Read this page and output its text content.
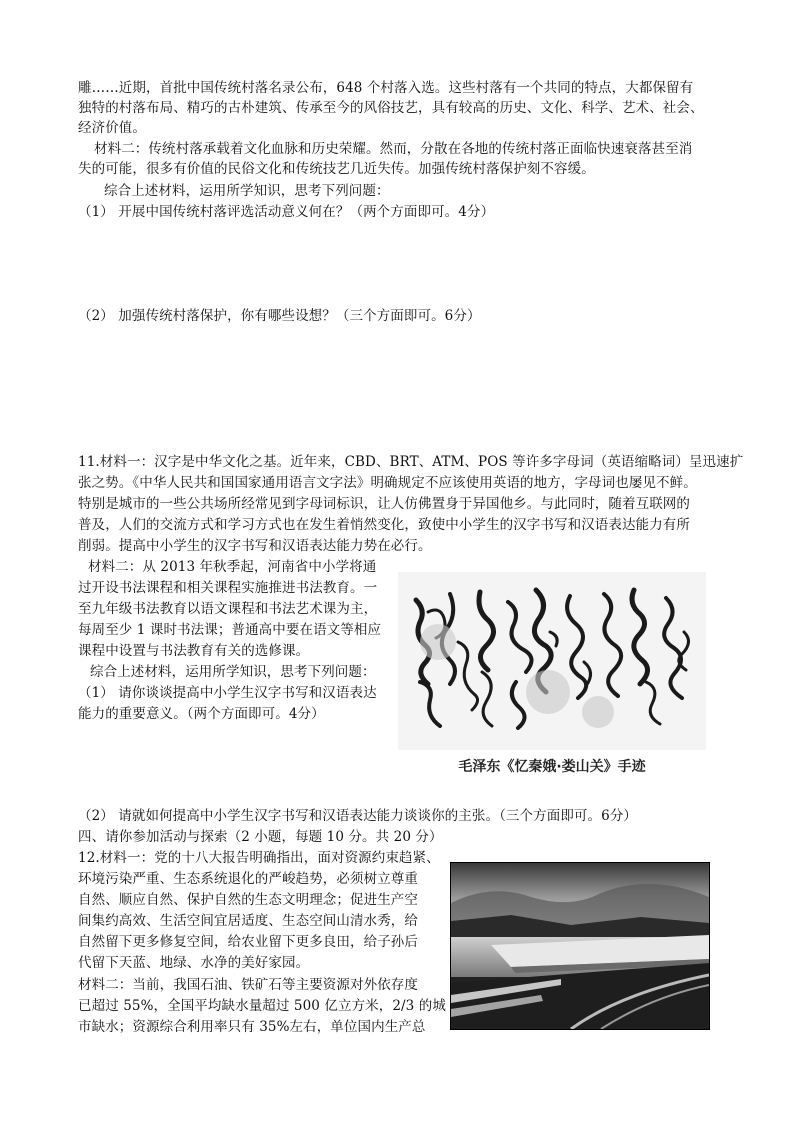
雕……近期，首批中国传统村落名录公布，648 个村落入选。这些村落有一个共同的特点，大都保留有
独特的村落布局、精巧的古朴建筑、传承至今的风俗技艺，具有较高的历史、文化、科学、艺术、社会、
经济价值。
材料二：传统村落承载着文化血脉和历史荣耀。然而，分散在各地的传统村落正面临快速衰落甚至消
失的可能，很多有价值的民俗文化和传统技艺几近失传。加强传统村落保护刻不容缓。
综合上述材料，运用所学知识，思考下列问题：
（1） 开展中国传统村落评选活动意义何在？（两个方面即可。4分）
（2） 加强传统村落保护，你有哪些设想？（三个方面即可。6分）
11.材料一：汉字是中华文化之基。近年来，CBD、BRT、ATM、POS 等许多字母词（英语缩略词）呈迅速扩
张之势。《中华人民共和国国家通用语言文字法》明确规定不应该使用英语的地方，字母词也屡见不鲜。
特别是城市的一些公共场所经常见到字母词标识，让人仿佛置身于异国他乡。与此同时，随着互联网的
普及，人们的交流方式和学习方式也在发生着悄然变化，致使中小学生的汉字书写和汉语表达能力有所
削弱。提高中小学生的汉字书写和汉语表达能力势在必行。
材料二：从 2013 年秋季起，河南省中小学将通
过开设书法课程和相关课程实施推进书法教育。一
至九年级书法教育以语文课程和书法艺术课为主，
每周至少 1 课时书法课；普通高中要在语文等相应
课程中设置与书法教育有关的选修课。
综合上述材料，运用所学知识，思考下列问题：
（1） 请你谈谈提高中小学生汉字书写和汉语表达
能力的重要意义。（两个方面即可。4分）
毛泽东《忆秦娥·娄山关》手迹
（2） 请就如何提高中小学生汉字书写和汉语表达能力谈谈你的主张。（三个方面即可。6分）
四、请你参加活动与探索（2 小题，每题 10 分。共 20 分）
12.材料一：党的十八大报告明确指出，面对资源约束趋紧、
环境污染严重、生态系统退化的严峻趋势，必须树立尊重
自然、顺应自然、保护自然的生态文明理念；促进生产空
间集约高效、生活空间宜居适度、生态空间山清水秀，给
自然留下更多修复空间，给农业留下更多良田，给子孙后
代留下天蓝、地绿、水净的美好家园。
材料二：当前，我国石油、铁矿石等主要资源对外依存度
已超过 55%，全国平均缺水量超过 500 亿立方米，2/3 的城
市缺水；资源综合利用率只有 35%左右，单位国内生产总
